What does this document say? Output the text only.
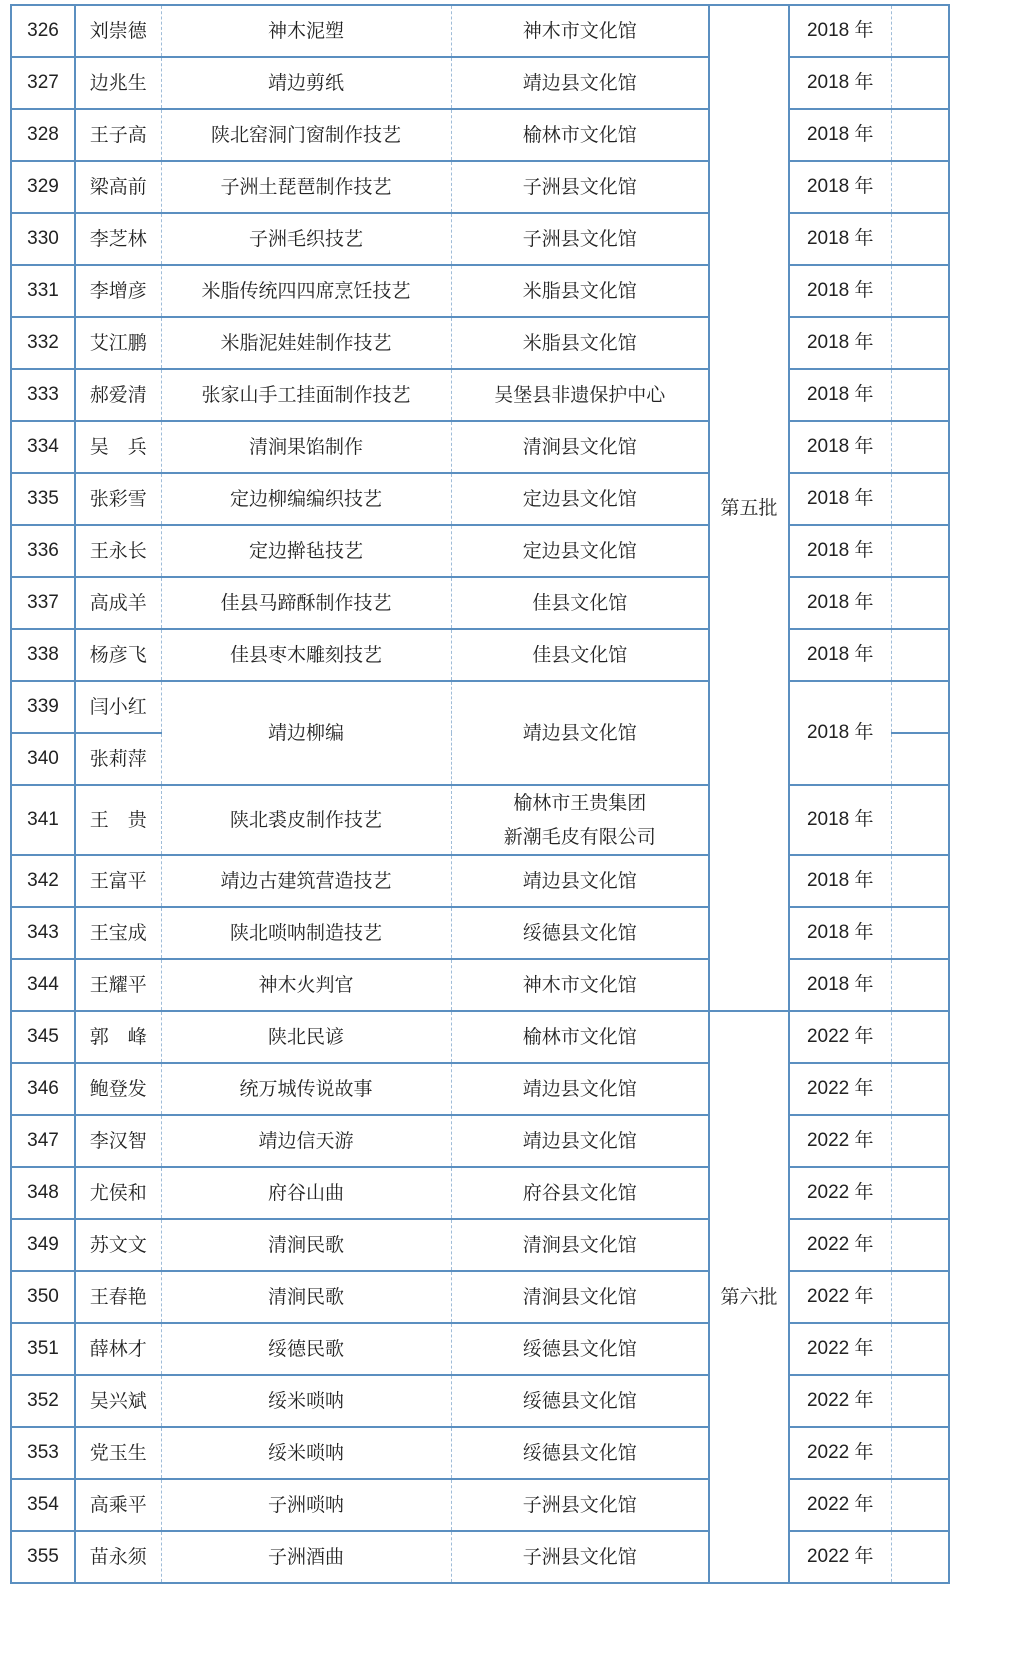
326	刘崇德	神木泥塑	神木市文化馆	第五批	2018 年	
327	边兆生	靖边剪纸	靖边县文化馆		2018 年	
328	王子高	陕北窑洞门窗制作技艺	榆林市文化馆		2018 年	
329	梁高前	子洲土琵琶制作技艺	子洲县文化馆		2018 年	
330	李芝林	子洲毛织技艺	子洲县文化馆		2018 年	
331	李增彦	米脂传统四四席烹饪技艺	米脂县文化馆		2018 年	
332	艾江鹏	米脂泥娃娃制作技艺	米脂县文化馆		2018 年	
333	郝爱清	张家山手工挂面制作技艺	吴堡县非遗保护中心		2018 年	
334	吴　兵	清涧果馅制作	清涧县文化馆		2018 年	
335	张彩雪	定边柳编编织技艺	定边县文化馆		2018 年	
336	王永长	定边擀毡技艺	定边县文化馆		2018 年	
337	高成羊	佳县马蹄酥制作技艺	佳县文化馆		2018 年	
338	杨彦飞	佳县枣木雕刻技艺	佳县文化馆		2018 年	
339	闫小红	靖边柳编	靖边县文化馆		2018 年	
340	张莉萍					
341	王　贵	陕北裘皮制作技艺	榆林市王贵集团
新潮毛皮有限公司		2018 年	
342	王富平	靖边古建筑营造技艺	靖边县文化馆		2018 年	
343	王宝成	陕北唢呐制造技艺	绥德县文化馆		2018 年	
344	王耀平	神木火判官	神木市文化馆		2018 年	
345	郭　峰	陕北民谚	榆林市文化馆	第六批	2022 年	
346	鲍登发	统万城传说故事	靖边县文化馆		2022 年	
347	李汉智	靖边信天游	靖边县文化馆		2022 年	
348	尤侯和	府谷山曲	府谷县文化馆		2022 年	
349	苏文文	清涧民歌	清涧县文化馆		2022 年	
350	王春艳	清涧民歌	清涧县文化馆		2022 年	
351	薛林才	绥德民歌	绥德县文化馆		2022 年	
352	吴兴斌	绥米唢呐	绥德县文化馆		2022 年	
353	党玉生	绥米唢呐	绥德县文化馆		2022 年	
354	高乘平	子洲唢呐	子洲县文化馆		2022 年	
355	苗永须	子洲酒曲	子洲县文化馆		2022 年	
